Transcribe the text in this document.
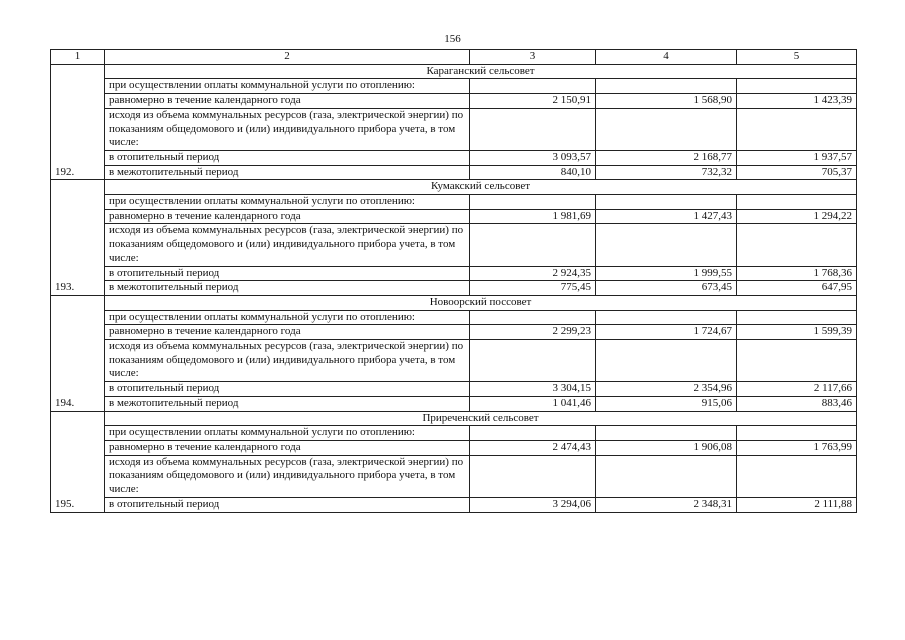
156
1	2	3	4	5
192.	Караганский сельсовет			
	при осуществлении оплаты коммунальной услуги по отоплению:			
	равномерно в течение календарного года	2 150,91	1 568,90	1 423,39
	исходя из объема коммунальных ресурсов (газа, электрической энергии) по показаниям общедомового и (или) индивидуального прибора учета, в том числе:			
	в отопительный период	3 093,57	2 168,77	1 937,57
	в межотопительный период	840,10	732,32	705,37
193.	Кумакский сельсовет			
	при осуществлении оплаты коммунальной услуги по отоплению:			
	равномерно в течение календарного года	1 981,69	1 427,43	1 294,22
	исходя из объема коммунальных ресурсов (газа, электрической энергии) по показаниям общедомового и (или) индивидуального прибора учета, в том числе:			
	в отопительный период	2 924,35	1 999,55	1 768,36
	в межотопительный период	775,45	673,45	647,95
194.	Новоорский поссовет			
	при осуществлении оплаты коммунальной услуги по отоплению:			
	равномерно в течение календарного года	2 299,23	1 724,67	1 599,39
	исходя из объема коммунальных ресурсов (газа, электрической энергии) по показаниям общедомового и (или) индивидуального прибора учета, в том числе:			
	в отопительный период	3 304,15	2 354,96	2 117,66
	в межотопительный период	1 041,46	915,06	883,46
195.	Приреченский сельсовет			
	при осуществлении оплаты коммунальной услуги по отоплению:			
	равномерно в течение календарного года	2 474,43	1 906,08	1 763,99
	исходя из объема коммунальных ресурсов (газа, электрической энергии) по показаниям общедомового и (или) индивидуального прибора учета, в том числе:			
	в отопительный период	3 294,06	2 348,31	2 111,88
